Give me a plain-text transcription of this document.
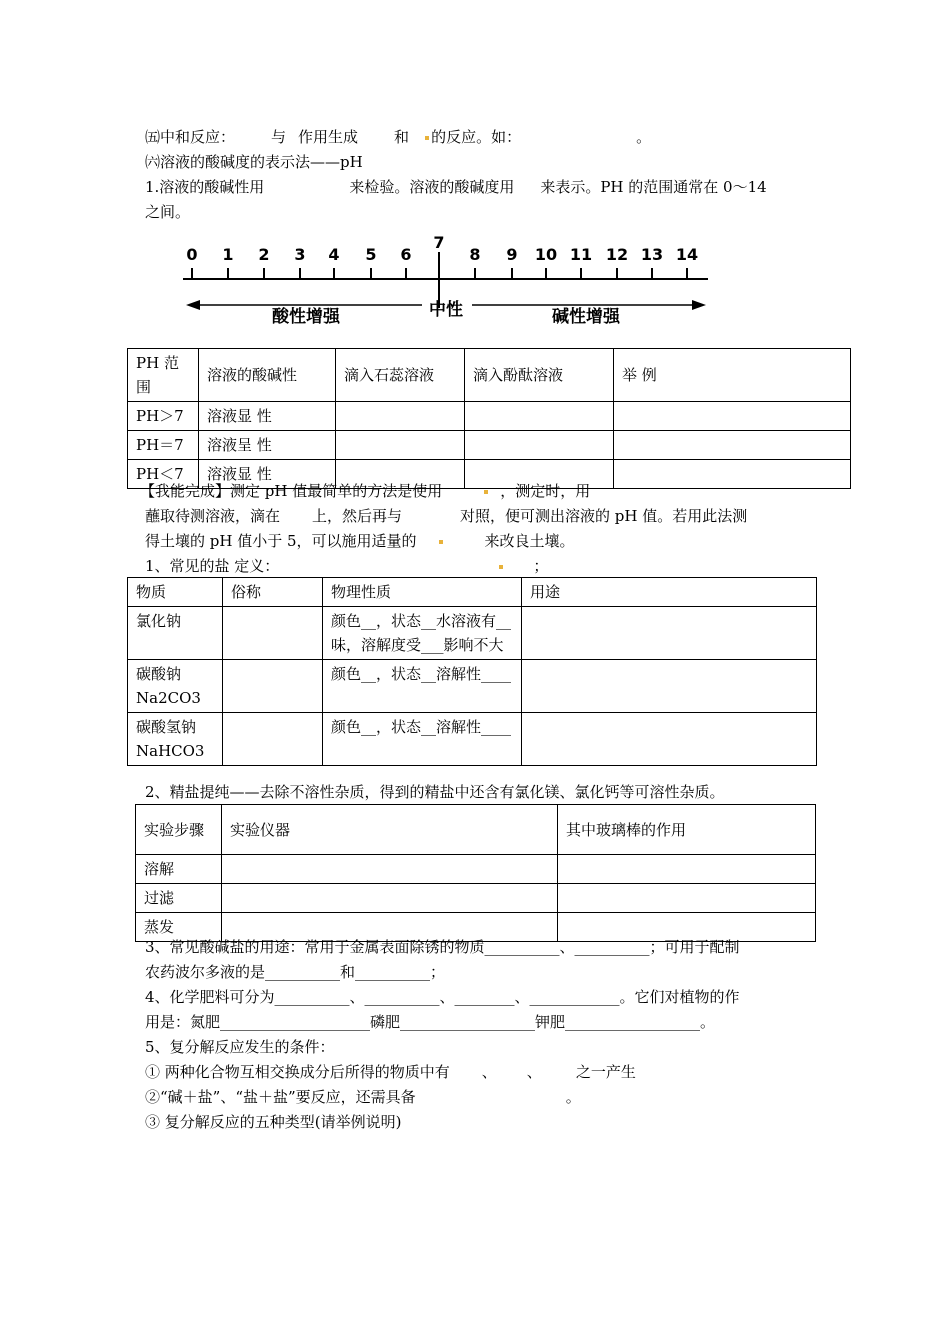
㈤中和反应： 与 作用生成 和 的反应。如：	。
㈥溶液的酸碱度的表示法——pH
1.溶液的酸碱性用	来检验。溶液的酸碱度用 来表示。PH 的范围通常在 0～14
之间。
0 1 2 3 4 5 6
7
8 9 10 11 12 13 14
酸性增强	中性	碱性增强
PH 范围	溶液的酸碱性	滴入石蕊溶液	滴入酚酞溶液	举 例
PH＞7	溶液显 性			
PH＝7	溶液呈 性			
PH＜7	溶液显 性			
【我能完成】测定 pH 值最简单的方法是使用	，测定时，用
蘸取待测溶液，滴在 上，然后再与	对照，便可测出溶液的 pH 值。若用此法测
得土壤的 pH 值小于 5，可以施用适量的	来改良土壤。
1、常见的盐 定义：	；
物质	俗称	物理性质	用途
氯化钠		颜色__，状态__水溶液有__味，溶解度受___影响不大	
碳酸钠 Na2CO3		颜色__，状态__溶解性____	
碳酸氢钠 NaHCO3		颜色__，状态__溶解性____	
2、精盐提纯——去除不溶性杂质，得到的精盐中还含有氯化镁、氯化钙等可溶性杂质。
实验步骤	实验仪器	其中玻璃棒的作用
溶解		
过滤		
蒸发		
3、常见酸碱盐的用途：常用于金属表面除锈的物质__________、__________；可用于配制
农药波尔多液的是__________和__________；
4、化学肥料可分为__________、__________、________、____________。它们对植物的作
用是：氮肥____________________磷肥__________________钾肥__________________。
5、复分解反应发生的条件：
① 两种化合物互相交换成分后所得的物质中有 、 、 之一产生
②“碱＋盐”、“盐＋盐”要反应，还需具备	。
③ 复分解反应的五种类型(请举例说明)
